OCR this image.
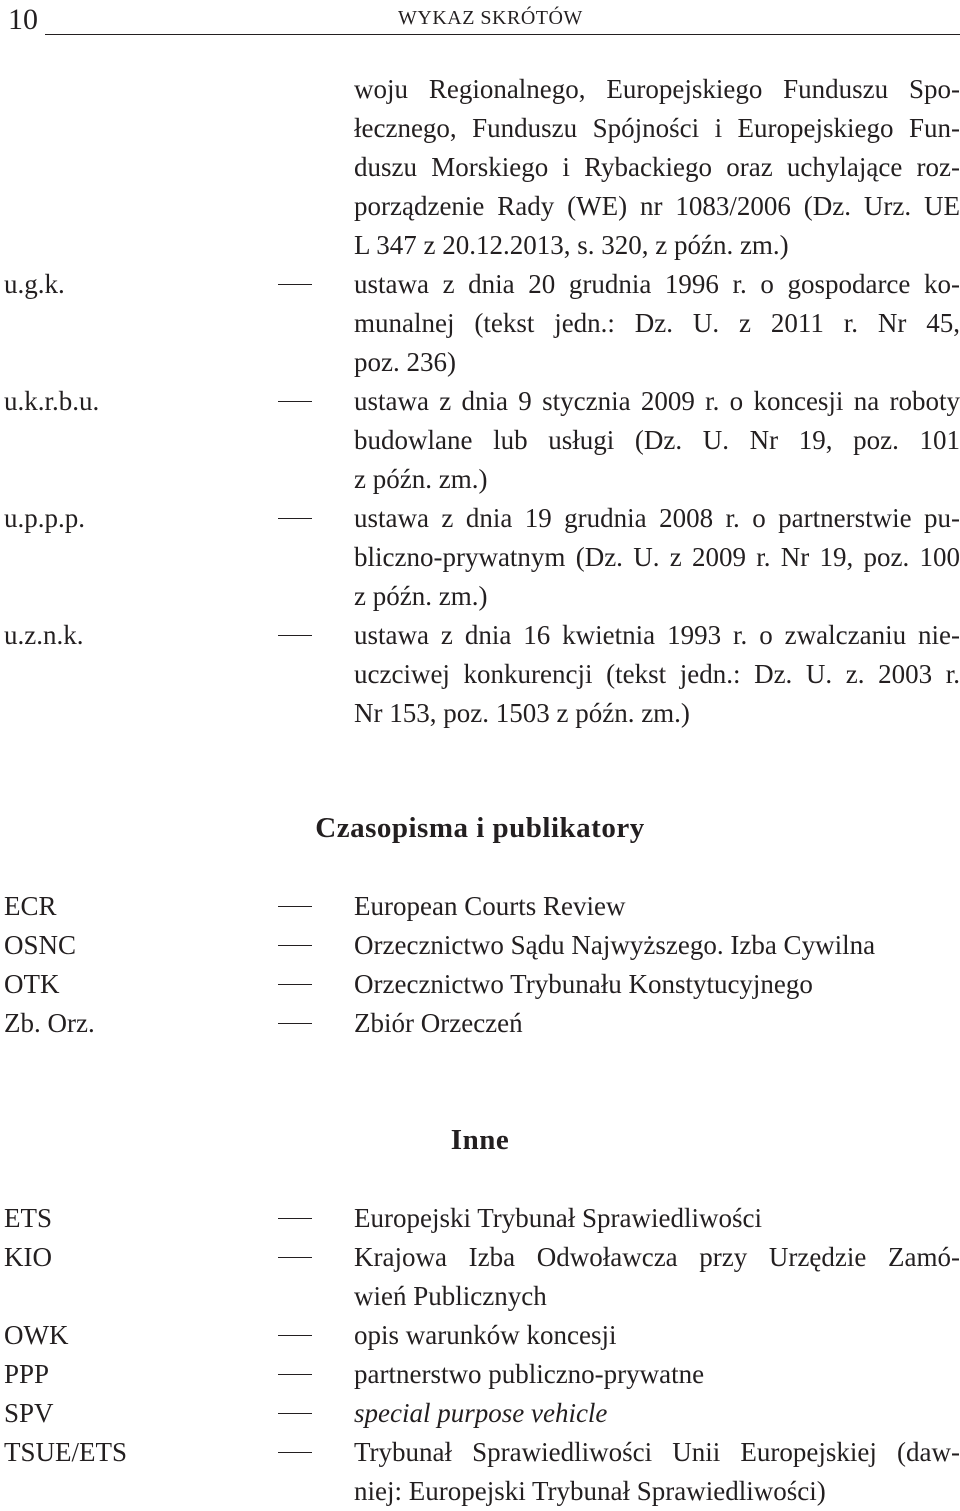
10	WYKAZ SKRÓTÓW
woju Regionalnego, Europejskiego Funduszu Spo-
łecznego, Funduszu Spójności i Europejskiego Fun-
duszu Morskiego i Rybackiego oraz uchylające roz-
porządzenie Rady (WE) nr 1083/2006 (Dz. Urz. UE
L 347 z 20.12.2013, s. 320, z późn. zm.)
u.g.k.	ustawa z dnia 20 grudnia 1996 r. o gospodarce ko-
munalnej (tekst jedn.: Dz. U. z 2011 r. Nr 45,
poz. 236)
u.k.r.b.u.	ustawa z dnia 9 stycznia 2009 r. o koncesji na roboty
budowlane lub usługi (Dz. U. Nr 19, poz. 101
z późn. zm.)
u.p.p.p.	ustawa z dnia 19 grudnia 2008 r. o partnerstwie pu-
bliczno-prywatnym (Dz. U. z 2009 r. Nr 19, poz. 100
z późn. zm.)
u.z.n.k.	ustawa z dnia 16 kwietnia 1993 r. o zwalczaniu nie-
uczciwej konkurencji (tekst jedn.: Dz. U. z. 2003 r.
Nr 153, poz. 1503 z późn. zm.)
Czasopisma i publikatory
ECR	European Courts Review
OSNC	Orzecznictwo Sądu Najwyższego. Izba Cywilna
OTK	Orzecznictwo Trybunału Konstytucyjnego
Zb. Orz.	Zbiór Orzeczeń
Inne
ETS	Europejski Trybunał Sprawiedliwości
KIO	Krajowa Izba Odwoławcza przy Urzędzie Zamó-
wień Publicznych
OWK	opis warunków koncesji
PPP	partnerstwo publiczno-prywatne
SPV	special purpose vehicle
TSUE/ETS	Trybunał Sprawiedliwości Unii Europejskiej (daw-
niej: Europejski Trybunał Sprawiedliwości)
